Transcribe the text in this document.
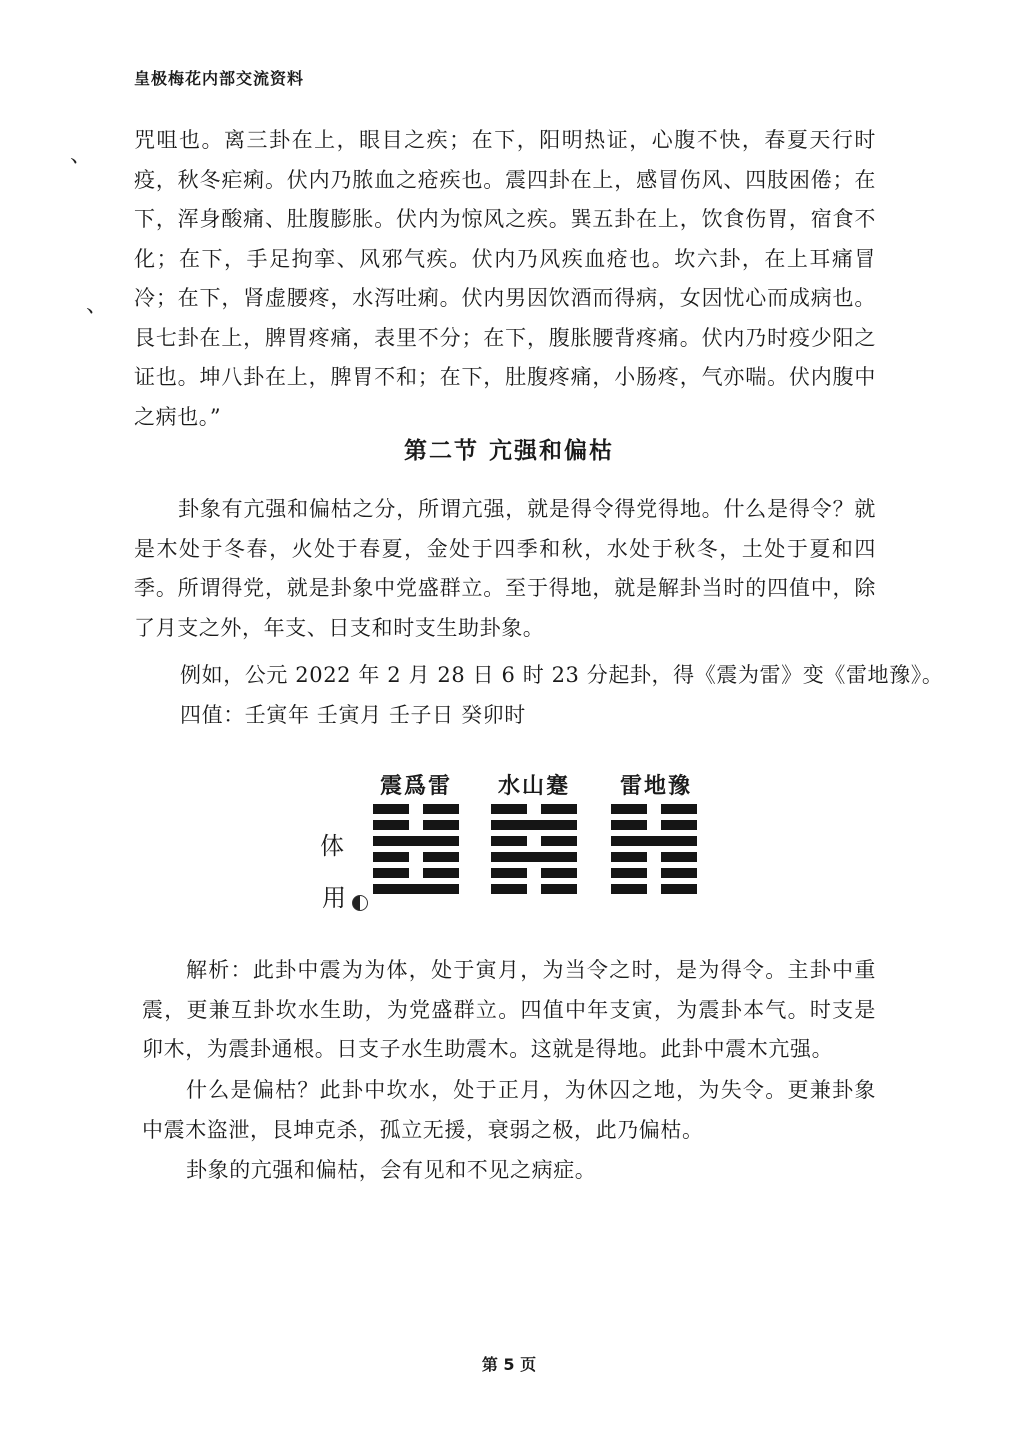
皇极梅花内部交流资料
、
、

咒咀也。离三卦在上，眼目之疾；在下，阳明热证，心腹不快，春夏天行时疫，秋冬疟痢。伏内乃脓血之疮疾也。震四卦在上，感冒伤风、四肢困倦；在下，浑身酸痛、肚腹膨胀。伏内为惊风之疾。巽五卦在上，饮食伤胃，宿食不化；在下，手足拘挛、风邪气疾。伏内乃风疾血疮也。坎六卦，在上耳痛冒冷；在下，肾虚腰疼，水泻吐痢。伏内男因饮酒而得病，女因忧心而成病也。艮七卦在上，脾胃疼痛，表里不分；在下，腹胀腰背疼痛。伏内乃时疫少阳之证也。坤八卦在上，脾胃不和；在下，肚腹疼痛，小肠疼，气亦喘。伏内腹中之病也。”

第二节 亢强和偏枯

卦象有亢强和偏枯之分，所谓亢强，就是得令得党得地。什么是得令？就是木处于冬春，火处于春夏，金处于四季和秋，水处于秋冬，土处于夏和四季。所谓得党，就是卦象中党盛群立。至于得地，就是解卦当时的四值中，除了月支之外，年支、日支和时支生助卦象。

例如，公元 2022 年 2 月 28 日 6 时 23 分起卦，得《震为雷》变《雷地豫》。
四值：壬寅年 壬寅月 壬子日 癸卯时
体
用
震爲雷 水山蹇 雷地豫

解析：此卦中震为为体，处于寅月，为当令之时，是为得令。主卦中重震，更兼互卦坎水生助，为党盛群立。四值中年支寅，为震卦本气。时支是卯木，为震卦通根。日支子水生助震木。这就是得地。此卦中震木亢强。

什么是偏枯？此卦中坎水，处于正月，为休囚之地，为失令。更兼卦象中震木盗泄，艮坤克杀，孤立无援，衰弱之极，此乃偏枯。

卦象的亢强和偏枯，会有见和不见之病症。

第 5 页
